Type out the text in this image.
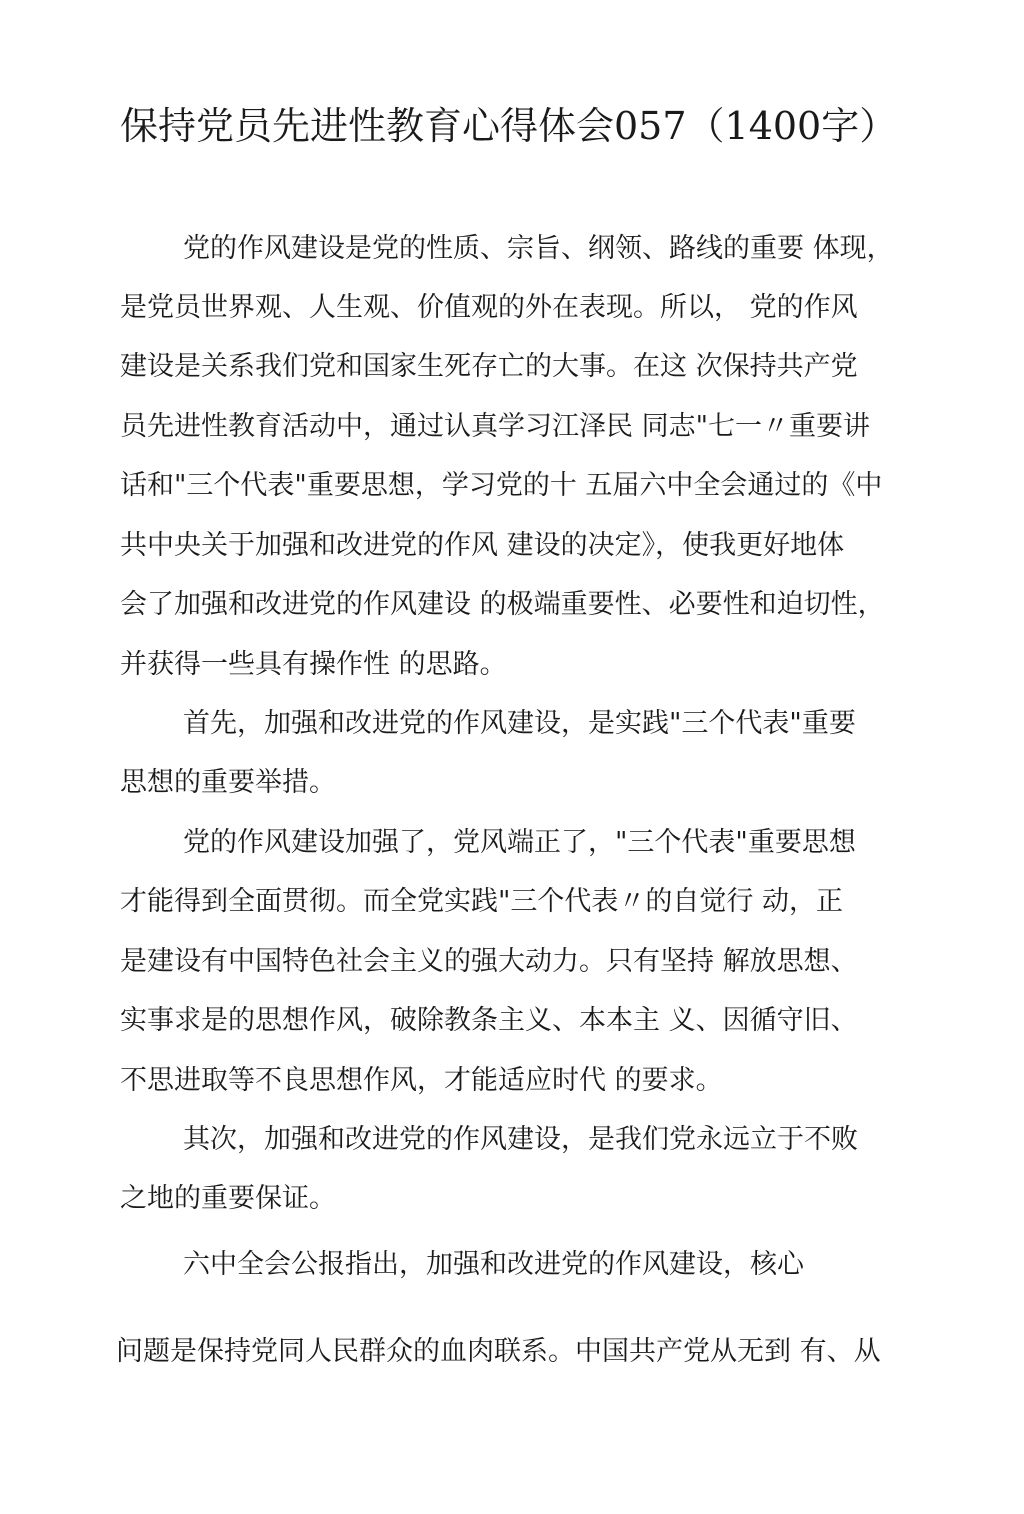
保持党员先进性教育心得体会057（1400字）
党的作风建设是党的性质、宗旨、纲领、路线的重要 体现，
是党员世界观、人生观、价值观的外在表现。所以， 党的作风
建设是关系我们党和国家生死存亡的大事。在这 次保持共产党
员先进性教育活动中，通过认真学习江泽民 同志"七一〃重要讲
话和"三个代表"重要思想，学习党的十 五届六中全会通过的《中
共中央关于加强和改进党的作风 建设的决定》，使我更好地体
会了加强和改进党的作风建设 的极端重要性、必要性和迫切性，
并获得一些具有操作性 的思路。
首先，加强和改进党的作风建设，是实践"三个代表"重要
思想的重要举措。
党的作风建设加强了，党风端正了，"三个代表"重要思想
才能得到全面贯彻。而全党实践"三个代表〃的自觉行 动，正
是建设有中国特色社会主义的强大动力。只有坚持 解放思想、
实事求是的思想作风，破除教条主义、本本主 义、因循守旧、
不思进取等不良思想作风，才能适应时代 的要求。
其次，加强和改进党的作风建设，是我们党永远立于不败
之地的重要保证。
六中全会公报指出，加强和改进党的作风建设，核心
问题是保持党同人民群众的血肉联系。中国共产党从无到 有、从
